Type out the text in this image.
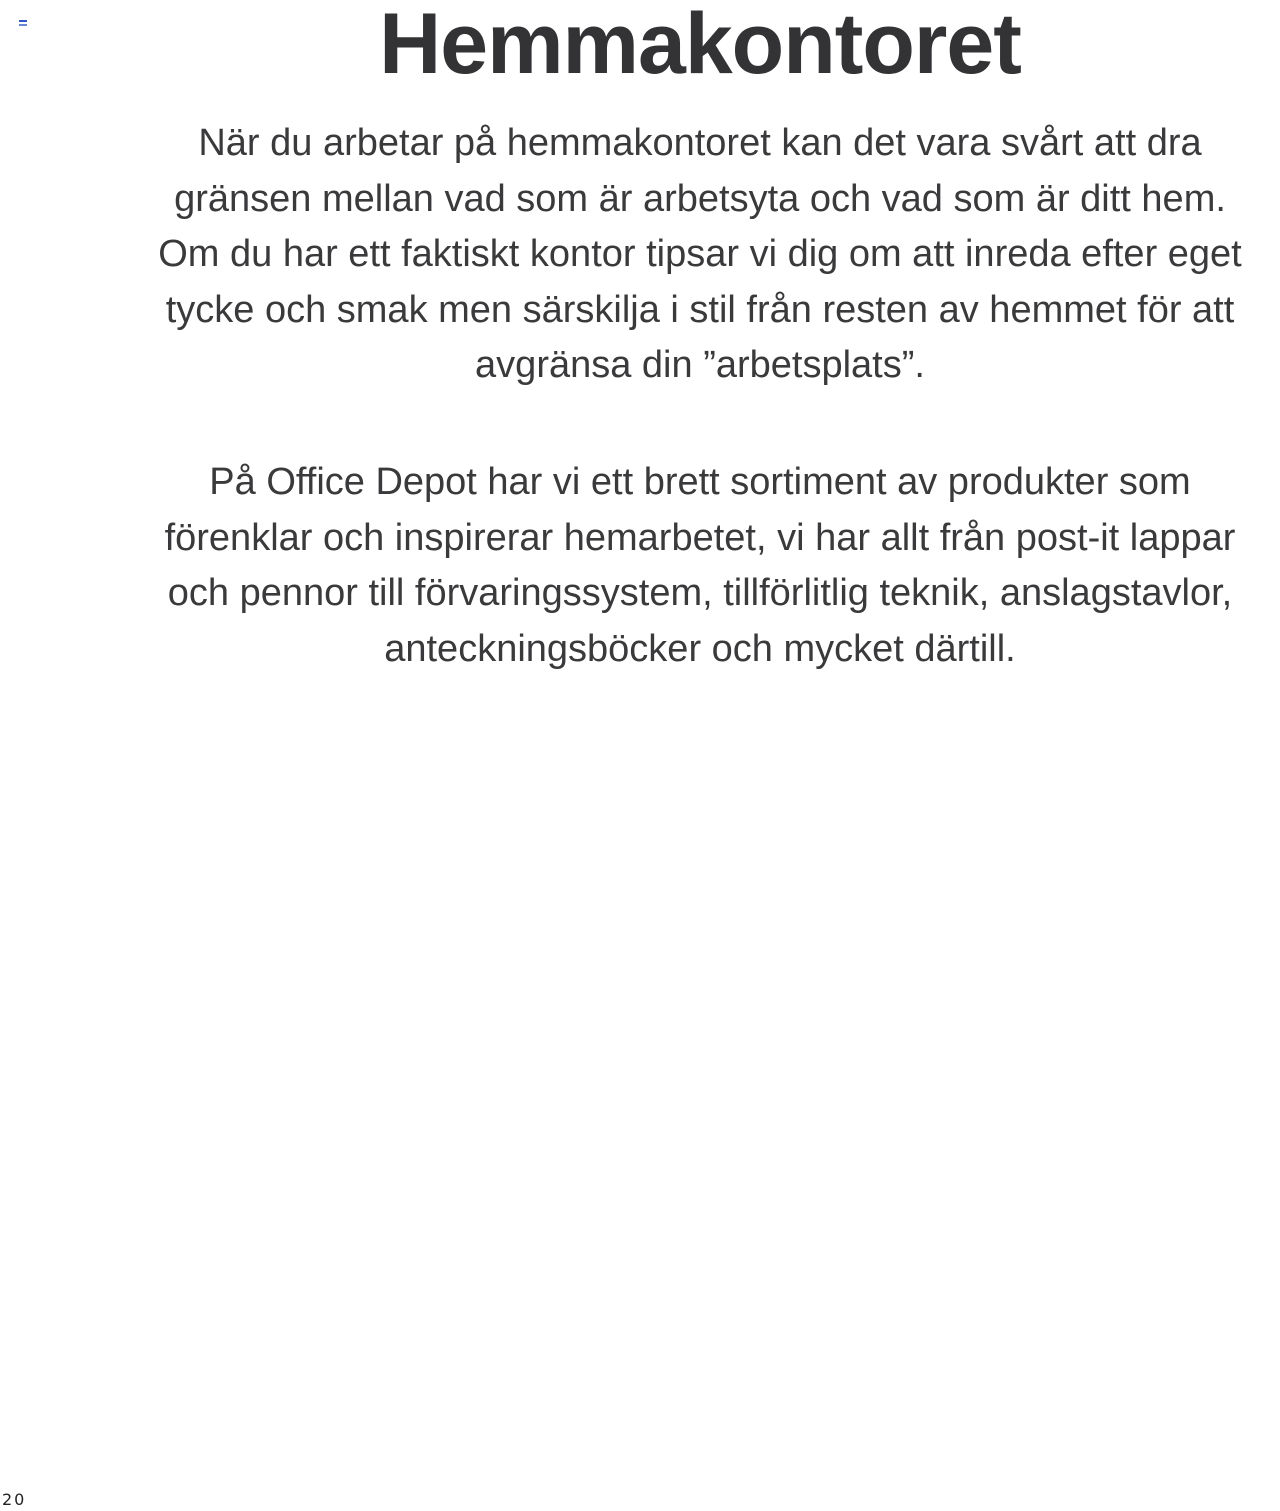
Hemmakontoret

När du arbetar på hemmakontoret kan det vara svårt att dra
gränsen mellan vad som är arbetsyta och vad som är ditt hem.
Om du har ett faktiskt kontor tipsar vi dig om att inreda efter eget
tycke och smak men särskilja i stil från resten av hemmet för att
avgränsa din ”arbetsplats”.

På Office Depot har vi ett brett sortiment av produkter som
förenklar och inspirerar hemarbetet, vi har allt från post-it lappar
och pennor till förvaringssystem, tillförlitlig teknik, anslagstavlor,
anteckningsböcker och mycket därtill.

20
